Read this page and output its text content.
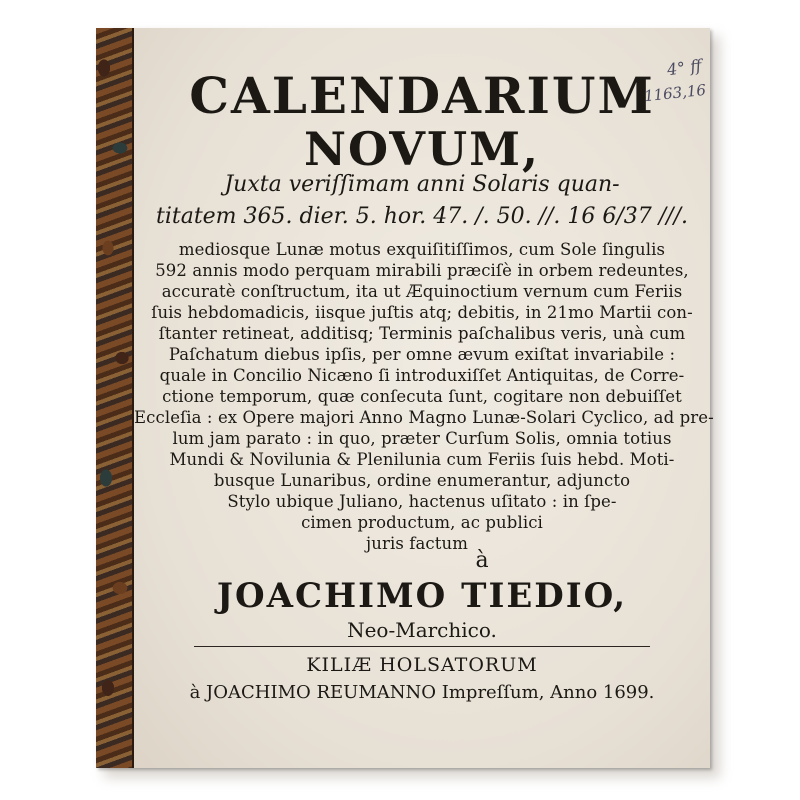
4° ff
1163,16
CALENDARIUM
NOVUM,
Juxta veriſſimam anni Solaris quan-
titatem 365. dier. 5. hor. 47. /. 50. //. 16 6/37 ///.
mediosque Lunæ motus exquiſitiſſimos, cum Sole ſingulis
592 annis modo perquam mirabili præciſè in orbem redeuntes,
accuratè conſtructum, ita ut Æquinoctium vernum cum Feriis
ſuis hebdomadicis, iisque juſtis atq; debitis, in 21mo Martii con-
ſtanter retineat, additisq; Terminis paſchalibus veris, unà cum
Paſchatum diebus ipſis, per omne ævum exiſtat invariabile :
quale in Concilio Nicæno ſi introduxiſſet Antiquitas, de Corre-
ctione temporum, quæ conſecuta ſunt, cogitare non debuiſſet
Eccleſia : ex Opere majori Anno Magno Lunæ-Solari Cyclico, ad pre-
lum jam parato : in quo, præter Curſum Solis, omnia totius
Mundi & Novilunia & Plenilunia cum Feriis ſuis hebd. Moti-
busque Lunaribus, ordine enumerantur, adjuncto
Stylo ubique Juliano, hactenus uſitato : in ſpe-
cimen productum, ac publici
juris factum
à
JOACHIMO TIEDIO,
Neo-Marchico.
KILIÆ HOLSATORUM
à JOACHIMO REUMANNO Impreſſum, Anno 1699.
